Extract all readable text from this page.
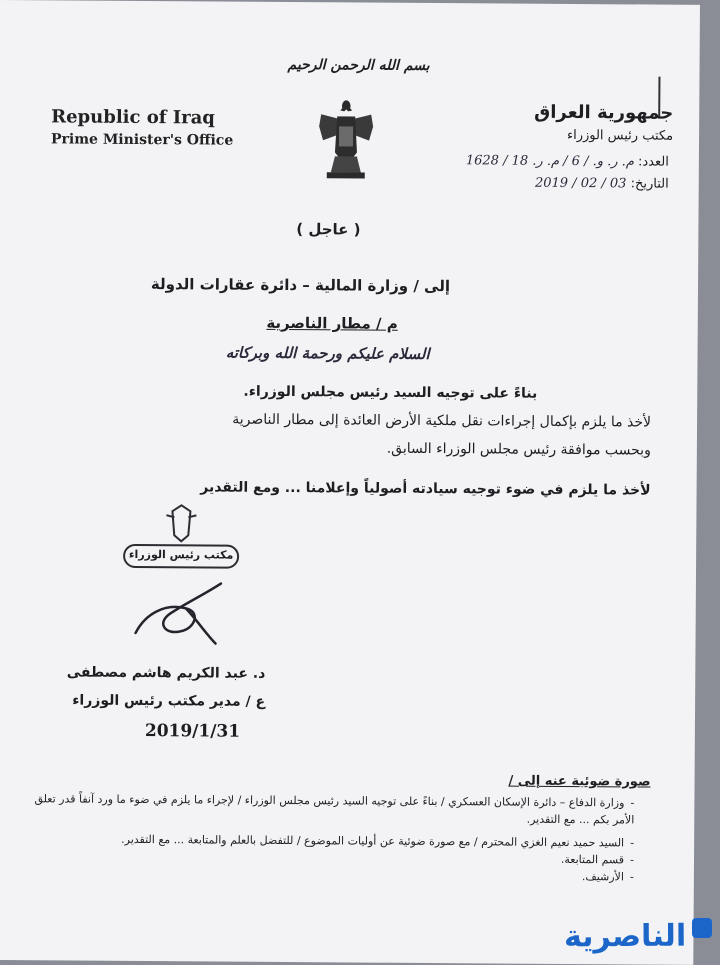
بسم الله الرحمن الرحيم
Republic of Iraq
Prime Minister's Office
جمهورية العراق
مكتب رئيس الوزراء
العدد: م. ر. و. / 6 / م. ر. 18 / 1628
التاريخ: 03 / 02 / 2019
( عاجل )
إلى / وزارة المالية – دائرة عقارات الدولة
م / مطار الناصرية
السلام عليكم ورحمة الله وبركاته
بناءً على توجيه السيد رئيس مجلس الوزراء.
لأخذ ما يلزم بإكمال إجراءات نقل ملكية الأرض العائدة إلى مطار الناصرية
وبحسب موافقة رئيس مجلس الوزراء السابق.
لأخذ ما يلزم في ضوء توجيه سيادته أصولياً وإعلامنا ... ومع التقدير
مكتب رئيس الوزراء
د. عبد الكريم هاشم مصطفى
ع / مدير مكتب رئيس الوزراء
2019/1/31
صورة ضوئية عنه إلى /
-وزارة الدفاع – دائرة الإسكان العسكري / بناءً على توجيه السيد رئيس مجلس الوزراء / لإجراء ما يلزم في ضوء ما ورد آنفاً قدر تعلق الأمر بكم ... مع التقدير.
-السيد حميد نعيم الغزي المحترم / مع صورة ضوئية عن أوليات الموضوع / للتفضل بالعلم والمتابعة ... مع التقدير.
-قسم المتابعة.
-الأرشيف.
الناصرية
